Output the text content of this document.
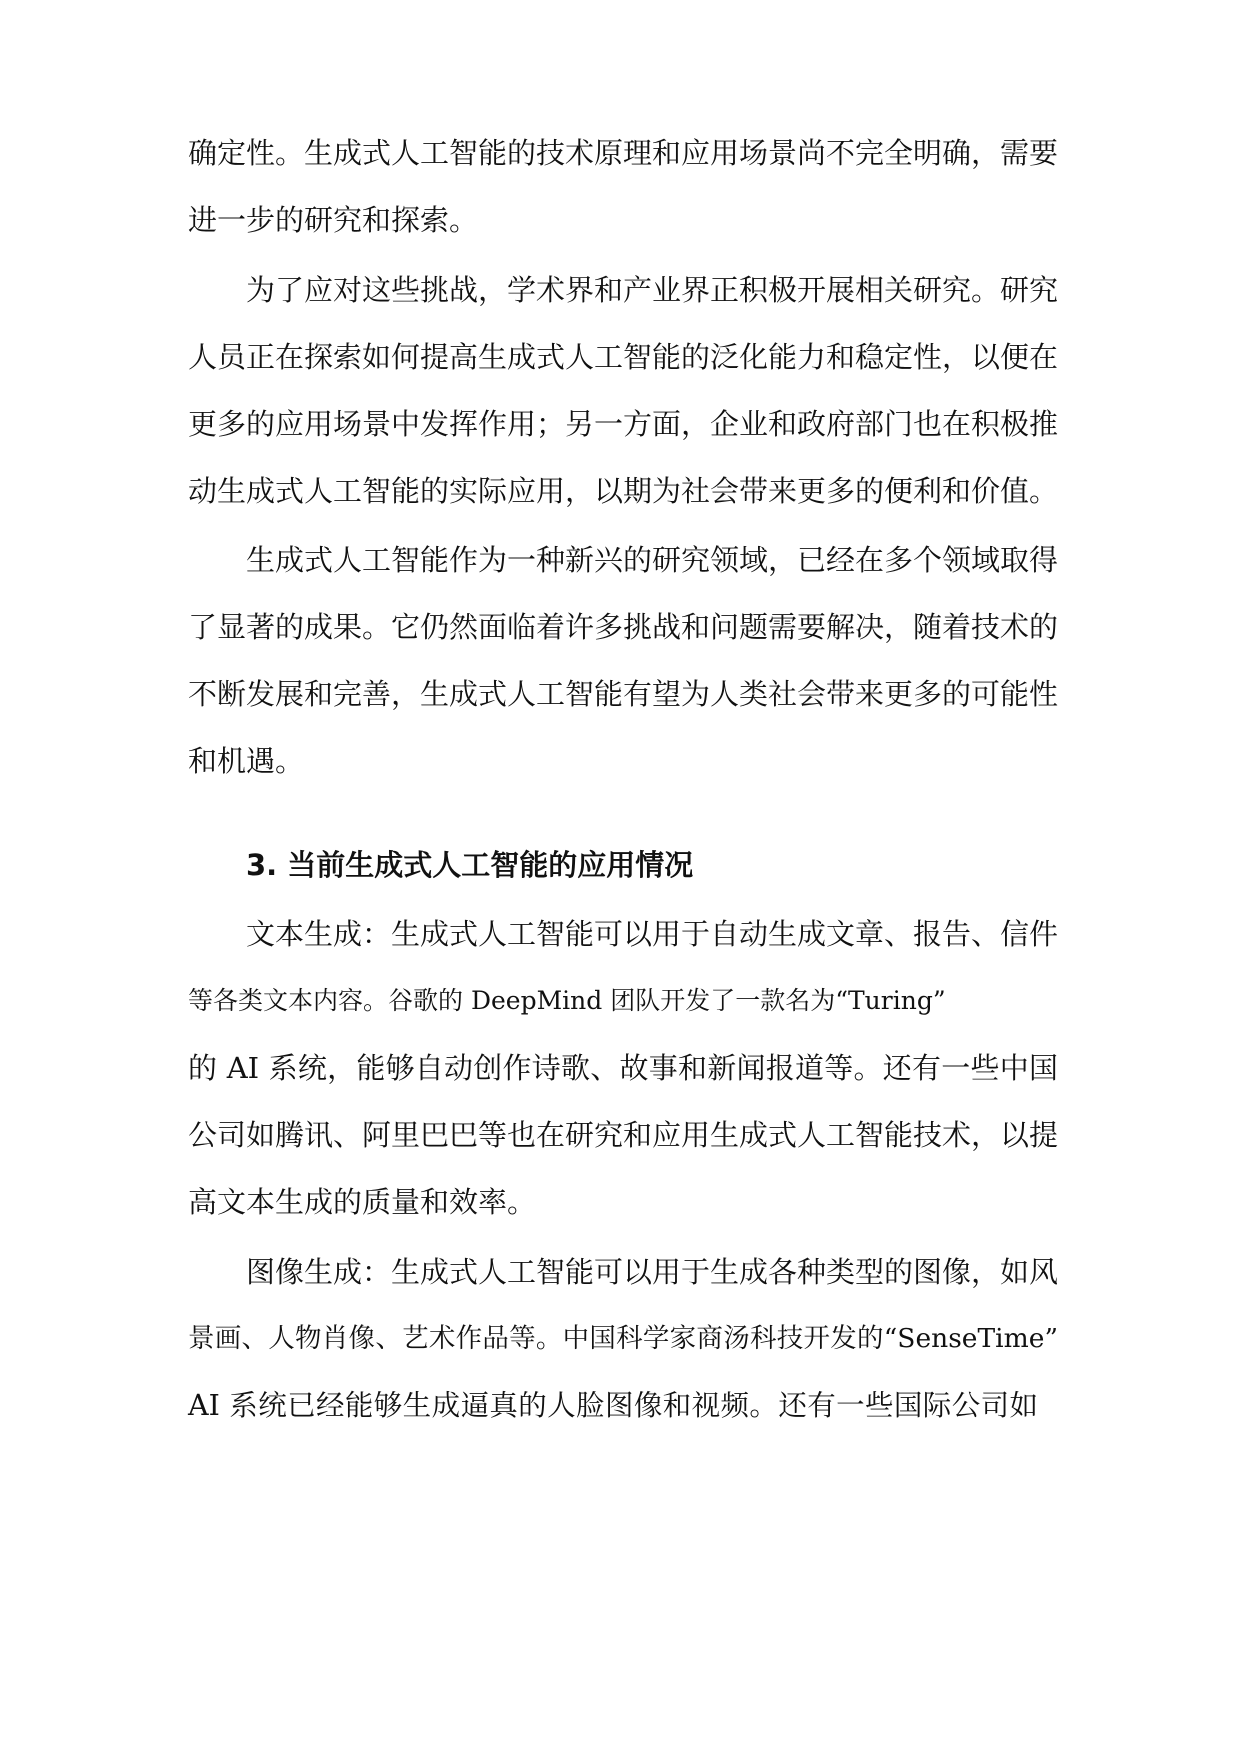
确定性。生成式人工智能的技术原理和应用场景尚不完全明确，需要
进一步的研究和探索。
为了应对这些挑战，学术界和产业界正积极开展相关研究。研究
人员正在探索如何提高生成式人工智能的泛化能力和稳定性，以便在
更多的应用场景中发挥作用；另一方面，企业和政府部门也在积极推
动生成式人工智能的实际应用，以期为社会带来更多的便利和价值。
生成式人工智能作为一种新兴的研究领域，已经在多个领域取得
了显著的成果。它仍然面临着许多挑战和问题需要解决，随着技术的
不断发展和完善，生成式人工智能有望为人类社会带来更多的可能性
和机遇。
3. 当前生成式人工智能的应用情况
文本生成：生成式人工智能可以用于自动生成文章、报告、信件
等各类文本内容。谷歌的 DeepMind 团队开发了一款名为“Turing”
的 AI 系统，能够自动创作诗歌、故事和新闻报道等。还有一些中国
公司如腾讯、阿里巴巴等也在研究和应用生成式人工智能技术，以提
高文本生成的质量和效率。
图像生成：生成式人工智能可以用于生成各种类型的图像，如风
景画、人物肖像、艺术作品等。中国科学家商汤科技开发的“SenseTime”
AI 系统已经能够生成逼真的人脸图像和视频。还有一些国际公司如
